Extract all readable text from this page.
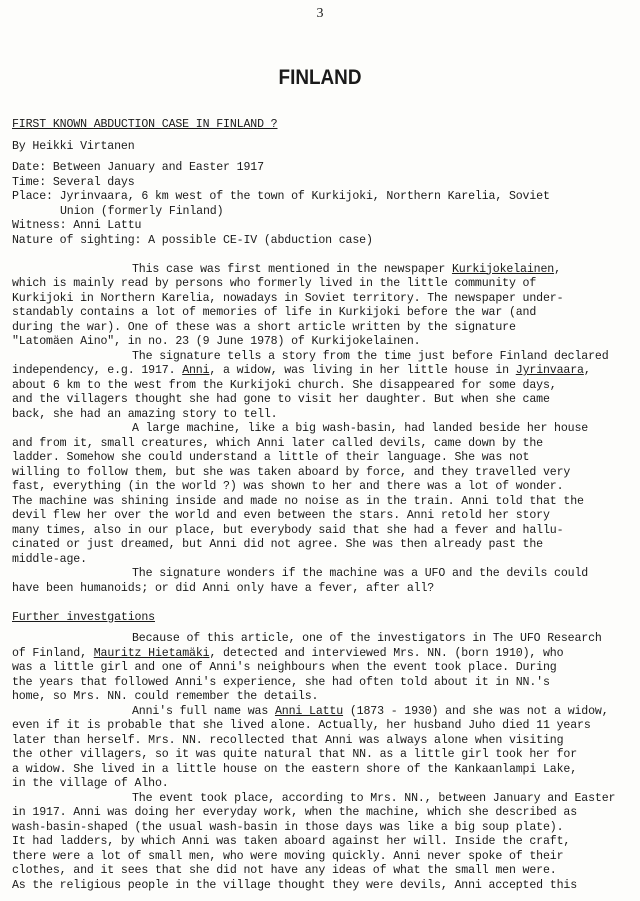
3
FINLAND
FIRST KNOWN ABDUCTION CASE IN FINLAND ?
By Heikki Virtanen
Date: Between January and Easter 1917
Time: Several days
Place: Jyrinvaara, 6 km west of the town of Kurkijoki, Northern Karelia, Soviet
Union (formerly Finland)
Witness: Anni Lattu
Nature of sighting: A possible CE-IV (abduction case)
This case was first mentioned in the newspaper Kurkijokelainen,
which is mainly read by persons who formerly lived in the little community of
Kurkijoki in Northern Karelia, nowadays in Soviet territory. The newspaper under-
standably contains a lot of memories of life in Kurkijoki before the war (and
during the war). One of these was a short article written by the signature
"Latomäen Aino", in no. 23 (9 June 1978) of Kurkijokelainen.
The signature tells a story from the time just before Finland declared
independency, e.g. 1917. Anni, a widow, was living in her little house in Jyrinvaara,
about 6 km to the west from the Kurkijoki church. She disappeared for some days,
and the villagers thought she had gone to visit her daughter. But when she came
back, she had an amazing story to tell.
A large machine, like a big wash-basin, had landed beside her house
and from it, small creatures, which Anni later called devils, came down by the
ladder. Somehow she could understand a little of their language. She was not
willing to follow them, but she was taken aboard by force, and they travelled very
fast, everything (in the world ?) was shown to her and there was a lot of wonder.
The machine was shining inside and made no noise as in the train. Anni told that the
devil flew her over the world and even between the stars. Anni retold her story
many times, also in our place, but everybody said that she had a fever and hallu-
cinated or just dreamed, but Anni did not agree. She was then already past the
middle-age.
The signature wonders if the machine was a UFO and the devils could
have been humanoids; or did Anni only have a fever, after all?
Further investgations
Because of this article, one of the investigators in The UFO Research
of Finland, Mauritz Hietamäki, detected and interviewed Mrs. NN. (born 1910), who
was a little girl and one of Anni's neighbours when the event took place. During
the years that followed Anni's experience, she had often told about it in NN.'s
home, so Mrs. NN. could remember the details.
Anni's full name was Anni Lattu (1873 - 1930) and she was not a widow,
even if it is probable that she lived alone. Actually, her husband Juho died 11 years
later than herself. Mrs. NN. recollected that Anni was always alone when visiting
the other villagers, so it was quite natural that NN. as a little girl took her for
a widow. She lived in a little house on the eastern shore of the Kankaanlampi Lake,
in the village of Alho.
The event took place, according to Mrs. NN., between January and Easter
in 1917. Anni was doing her everyday work, when the machine, which she described as
wash-basin-shaped (the usual wash-basin in those days was like a big soup plate).
It had ladders, by which Anni was taken aboard against her will. Inside the craft,
there were a lot of small men, who were moving quickly. Anni never spoke of their
clothes, and it sees that she did not have any ideas of what the small men were.
As the religious people in the village thought they were devils, Anni accepted this
